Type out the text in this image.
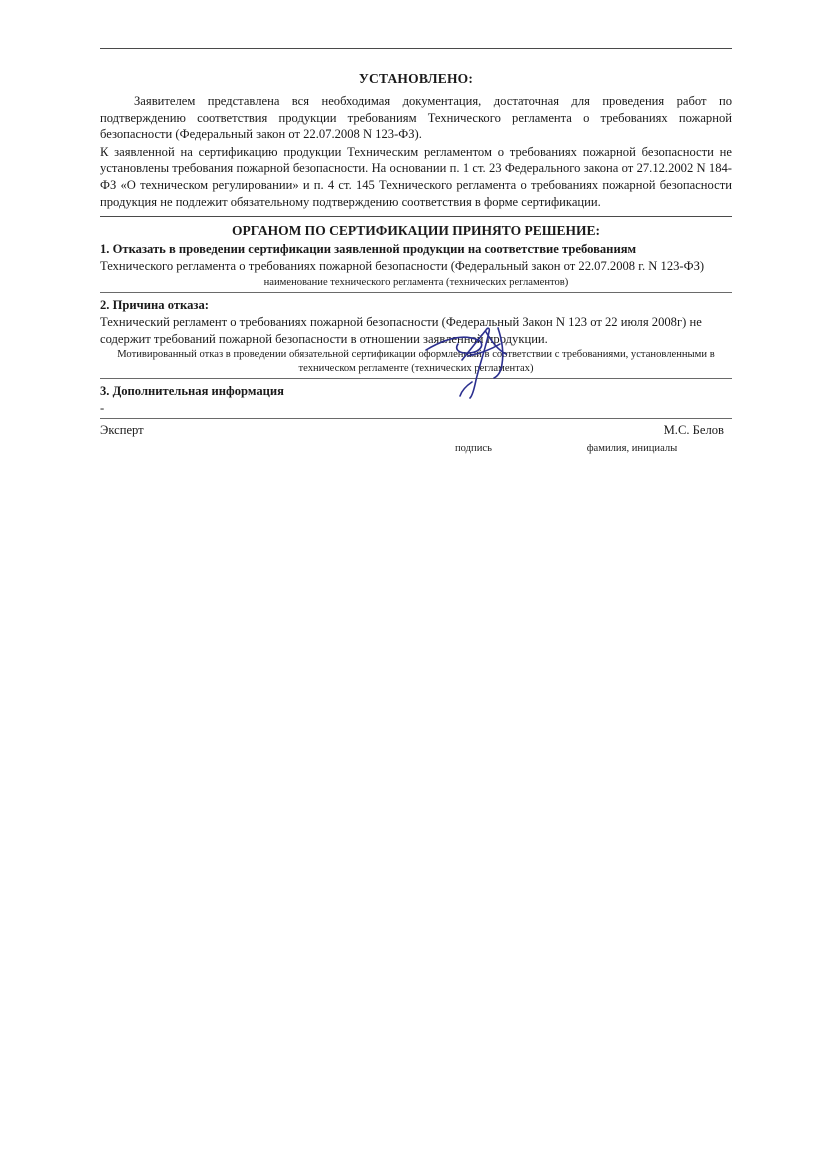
УСТАНОВЛЕНО:

Заявителем представлена вся необходимая документация, достаточная для проведения работ по подтверждению соответствия продукции требованиям Технического регламента о требованиях пожарной безопасности (Федеральный закон от 22.07.2008 N 123-ФЗ).

К заявленной на сертификацию продукции Техническим регламентом о требованиях пожарной безопасности не установлены требования пожарной безопасности. На основании п. 1 ст. 23 Федерального закона от 27.12.2002 N 184-ФЗ «О техническом регулировании» и п. 4 ст. 145 Технического регламента о требованиях пожарной безопасности продукция не подлежит обязательному подтверждению соответствия в форме сертификации.

ОРГАНОМ ПО СЕРТИФИКАЦИИ ПРИНЯТО РЕШЕНИЕ:

1. Отказать в проведении сертификации заявленной продукции на соответствие требованиям

Технического регламента о требованиях пожарной безопасности (Федеральный закон от 22.07.2008 г. N 123-ФЗ)

наименование технического регламента (технических регламентов)

2. Причина отказа:

Технический регламент о требованиях пожарной безопасности (Федеральный Закон N 123 от 22 июля 2008г) не содержит требований пожарной безопасности в отношении заявленной продукции.

Мотивированный отказ в проведении обязательной сертификации оформленный в соответствии с требованиями, установленными в техническом регламенте (технических регламентах)

3. Дополнительная информация

-

Эксперт	М.С. Белов
подпись	фамилия, инициалы
